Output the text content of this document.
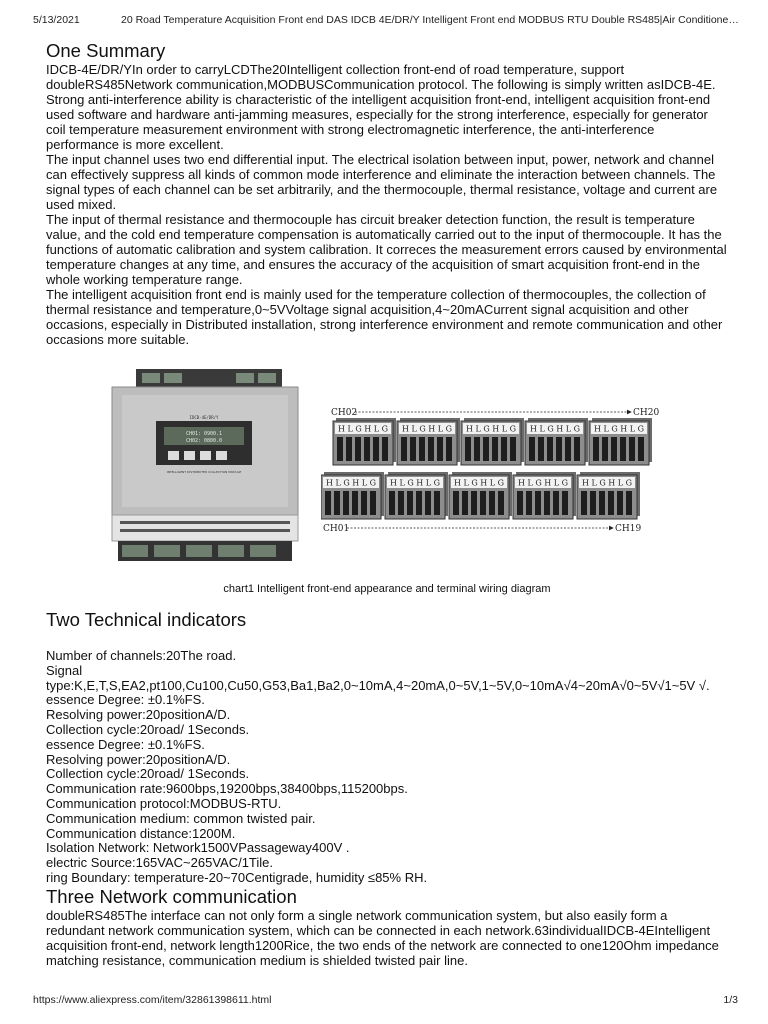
5/13/2021	20 Road Temperature Acquisition Front end DAS IDCB 4E/DR/Y Intelligent Front end MODBUS RTU Double RS485|Air Conditioner...
One Summary

IDCB-4E/DR/YIn order to carryLCDThe20Intelligent collection front-end of road temperature, support doubleRS485Network communication,MODBUSCommunication protocol. The following is simply written asIDCB-4E.

Strong anti-interference ability is characteristic of the intelligent acquisition front-end, intelligent acquisition front-end used software and hardware anti-jamming measures, especially for the strong interference, especially for generator coil temperature measurement environment with strong electromagnetic interference, the anti-interference performance is more excellent.

The input channel uses two end differential input. The electrical isolation between input, power, network and channel can effectively suppress all kinds of common mode interference and eliminate the interaction between channels. The signal types of each channel can be set arbitrarily, and the thermocouple, thermal resistance, voltage and current are used mixed.

The input of thermal resistance and thermocouple has circuit breaker detection function, the result is temperature value, and the cold end temperature compensation is automatically carried out to the input of thermocouple. It has the functions of automatic calibration and system calibration. It correces the measurement errors caused by environmental temperature changes at any time, and ensures the accuracy of the acquisition of smart acquisition front-end in the whole working temperature range.

The intelligent acquisition front end is mainly used for the temperature collection of thermocouples, the collection of thermal resistance and temperature,0~5VVoltage signal acquisition,4~20mACurrent signal acquisition and other occasions, especially in Distributed installation, strong interference environment and remote communication and other occasions more suitable.

CH01: 0900.1
CH02: 0800.0
IDCB-4E/DR/Y
INTELLIGENT DISTRIBUTED COLLECTION MODULE
CH02	CH20
H L G H L G H L G H L G H L G H L G H L G H L G H L G H L G
H L G H L G H L G H L G H L G H L G H L G H L G H L G H L G
CH01	CH19
chart1 Intelligent front-end appearance and terminal wiring diagram
Two Technical indicators

Number of channels:20The road.

Signal

type:K,E,T,S,EA2,pt100,Cu100,Cu50,G53,Ba1,Ba2,0~10mA,4~20mA,0~5V,1~5V,0~10mA√4~20mA√0~5V√1~5V √.

essence Degree: ±0.1%FS.

Resolving power:20positionA/D.

Collection cycle:20road/ 1Seconds.

essence Degree: ±0.1%FS.

Resolving power:20positionA/D.

Collection cycle:20road/ 1Seconds.

Communication rate:9600bps,19200bps,38400bps,115200bps.

Communication protocol:MODBUS-RTU.

Communication medium: common twisted pair.

Communication distance:1200M.

Isolation Network: Network1500VPassageway400V .

electric Source:165VAC~265VAC/1Tile.

ring Boundary: temperature-20~70Centigrade, humidity ≤85% RH.

Three Network communication

doubleRS485The interface can not only form a single network communication system, but also easily form a redundant network communication system, which can be connected in each network.63individualIDCB-4EIntelligent acquisition front-end, network length1200Rice, the two ends of the network are connected to one120Ohm impedance matching resistance, communication medium is shielded twisted pair line.

https://www.aliexpress.com/item/32861398611.html	1/3
